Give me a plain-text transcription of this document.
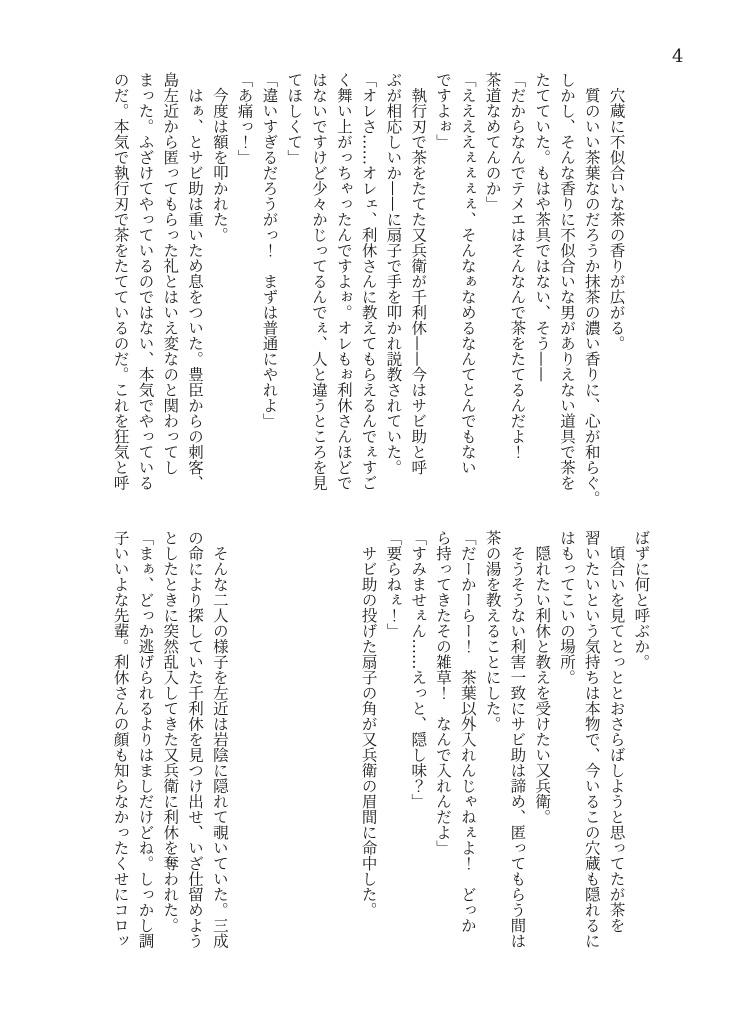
4
　穴蔵に不似合いな茶の香りが広がる。
　質のいい茶葉なのだろうか抹茶の濃い香りに、心が和らぐ。
しかし、そんな香りに不似合いな男がありえない道具で茶を
たてていた。もはや茶具ではない、そう——
「だからなんでテメエはそんなんで茶をたてるんだよ！
茶道なめてんのか」
「ええええぇぇぇぇ、そんなぁなめるなんてとんでもない
ですよぉ」
　執行刃で茶をたてた又兵衛が千利休——今はサビ助と呼
ぶが相応しいか——に扇子で手を叩かれ説教されていた。
「オレさ……オレェ、利休さんに教えてもらえるんでぇすご
く舞い上がっちゃったんですよぉ。オレもぉ利休さんほどで
はないですけど少々かじってるんでぇ、人と違うところを見
てほしくて」
「違いすぎるだろうがっ！　まずは普通にやれよ」
「あ痛っ！」
　今度は額を叩かれた。
　はぁ、とサビ助は重いため息をついた。豊臣からの刺客、
島左近から匿ってもらった礼とはいえ変なのと関わってし
まった。ふざけてやっているのではない、本気でやっている
のだ。本気で執行刃で茶をたてているのだ。これを狂気と呼
ばずに何と呼ぶか。
　頃合いを見てとっととおさらばしようと思ってたが茶を
習いたいという気持ちは本物で、今いるこの穴蔵も隠れるに
はもってこいの場所。
　隠れたい利休と教えを受けたい又兵衛。
　そうそうない利害一致にサビ助は諦め、匿ってもらう間は
茶の湯を教えることにした。
「だーかーらー！　茶葉以外入れんじゃねぇよ！　どっか
ら持ってきたその雑草！　なんで入れんだよ」
「すみませぇん……えっと、隠し味？」
「要らねぇ！」
　サビ助の投げた扇子の角が又兵衛の眉間に命中した。
　そんな二人の様子を左近は岩陰に隠れて覗いていた。三成
の命により探していた千利休を見つけ出せ、いざ仕留めよう
としたときに突然乱入してきた又兵衛に利休を奪われた。
「まぁ、どっか逃げられるよりはましだけどね。しっかし調
子いいよな先輩。利休さんの顔も知らなかったくせにコロッ
